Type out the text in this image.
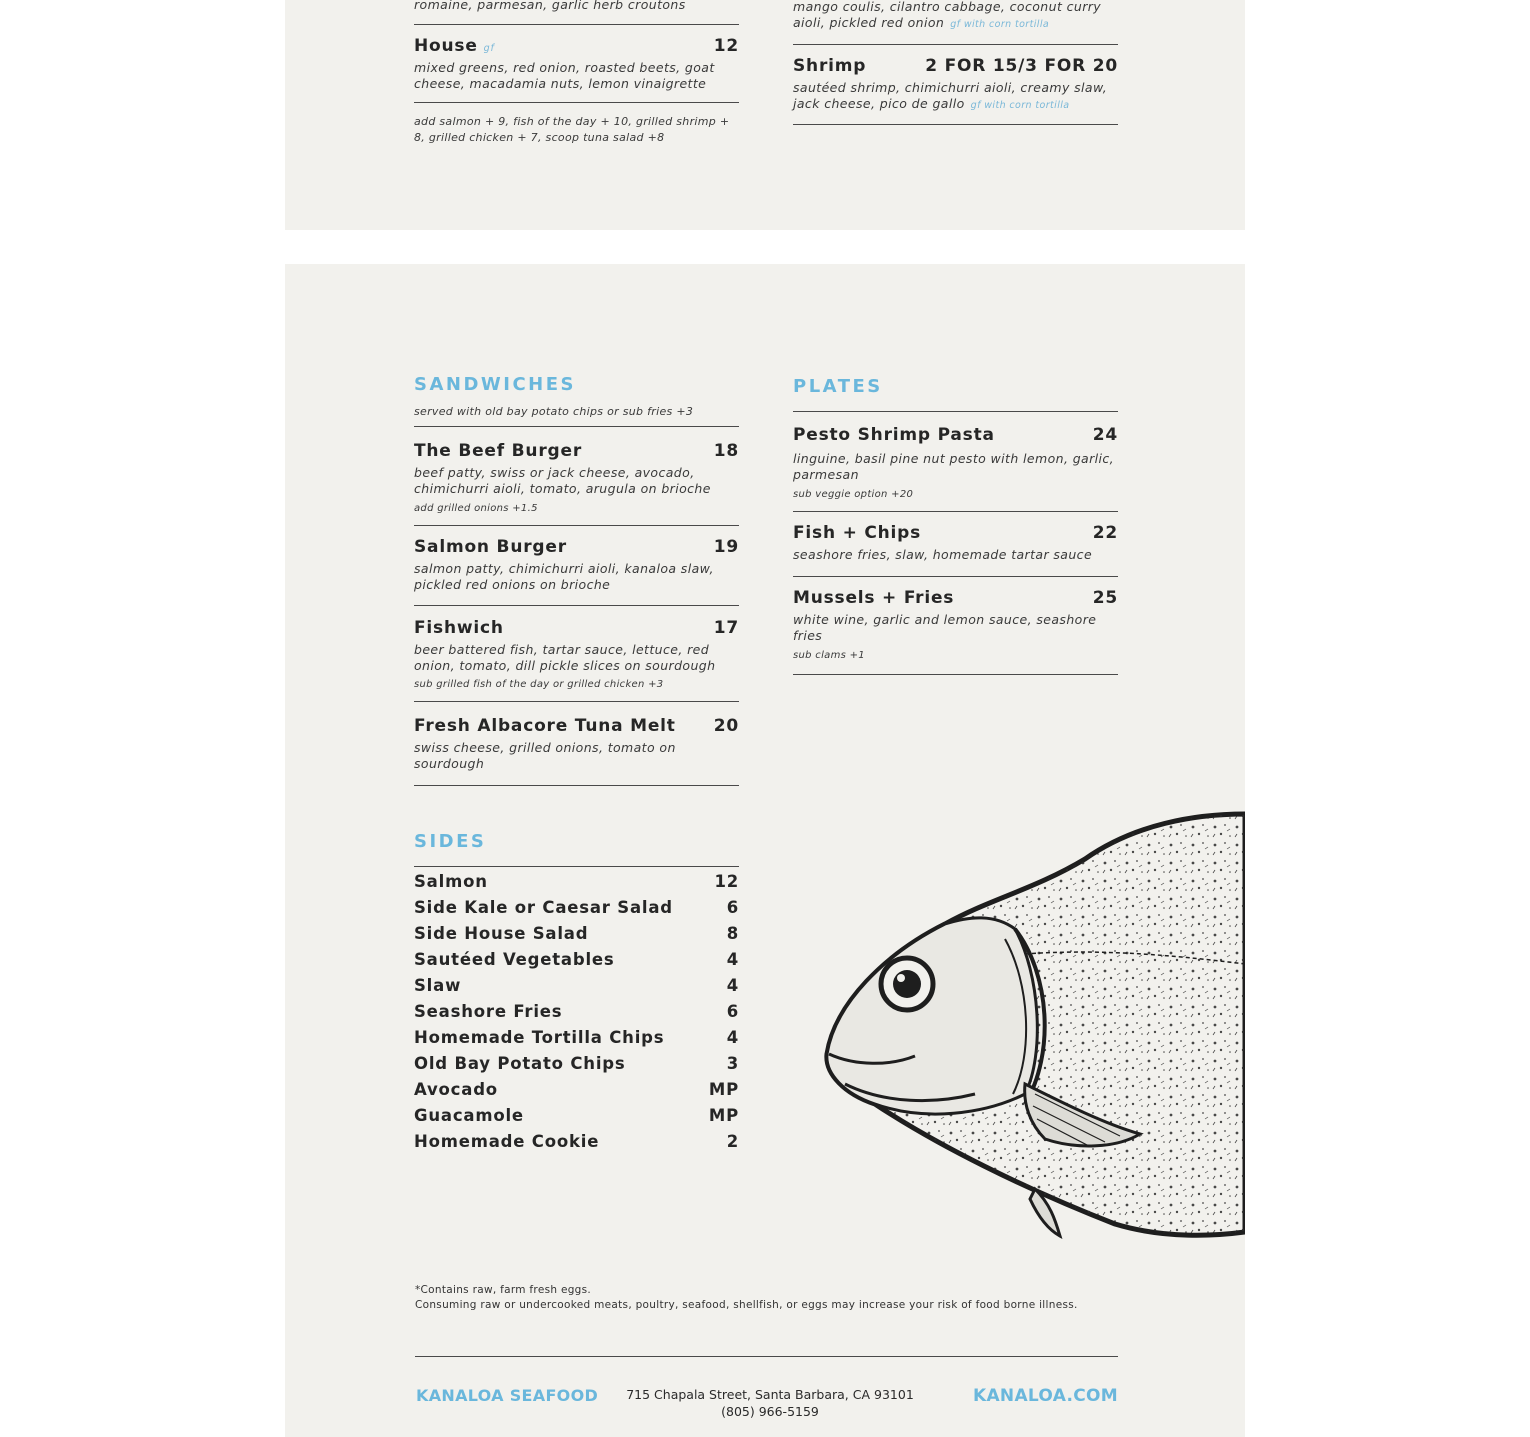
romaine, parmesan, garlic herb croutons
House gf	12
mixed greens, red onion, roasted beets, goat cheese, macadamia nuts, lemon vinaigrette
add salmon + 9, fish of the day + 10, grilled shrimp + 8, grilled chicken + 7, scoop tuna salad +8
mango coulis, cilantro cabbage, coconut curry aioli, pickled red onion gf with corn tortilla
Shrimp	2 FOR 15/3 FOR 20
sautéed shrimp, chimichurri aioli, creamy slaw, jack cheese, pico de gallo gf with corn tortilla
SANDWICHES
served with old bay potato chips or sub fries +3
The Beef Burger	18
beef patty, swiss or jack cheese, avocado, chimichurri aioli, tomato, arugula on brioche
add grilled onions +1.5
Salmon Burger	19
salmon patty, chimichurri aioli, kanaloa slaw, pickled red onions on brioche
Fishwich	17
beer battered fish, tartar sauce, lettuce, red onion, tomato, dill pickle slices on sourdough
sub grilled fish of the day or grilled chicken +3
Fresh Albacore Tuna Melt 20
swiss cheese, grilled onions, tomato on sourdough
SIDES
Salmon	12
Side Kale or Caesar Salad	6
Side House Salad	8
Sautéed Vegetables	4
Slaw	4
Seashore Fries	6
Homemade Tortilla Chips	4
Old Bay Potato Chips	3
Avocado	MP
Guacamole	MP
Homemade Cookie	2
PLATES
Pesto Shrimp Pasta	24
linguine, basil pine nut pesto with lemon, garlic, parmesan
sub veggie option +20
Fish + Chips	22
seashore fries, slaw, homemade tartar sauce
Mussels + Fries	25
white wine, garlic and lemon sauce, seashore fries
sub clams +1
*Contains raw, farm fresh eggs.
Consuming raw or undercooked meats, poultry, seafood, shellfish, or eggs may increase your risk of food borne illness.
KANALOA SEAFOOD	715 Chapala Street, Santa Barbara, CA 93101
(805) 966-5159
KANALOA.COM
